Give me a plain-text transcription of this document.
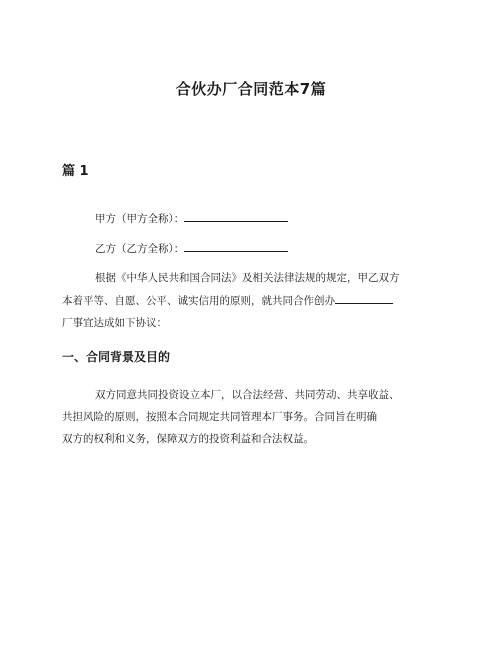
合伙办厂合同范本7篇
篇 1

甲方（甲方全称）：

乙方（乙方全称）：

根据《中华人民共和国合同法》及相关法律法规的规定，甲乙双方

本着平等、自愿、公平、诚实信用的原则，就共同合作创办

厂事宜达成如下协议：

一、合同背景及目的

双方同意共同投资设立本厂，以合法经营、共同劳动、共享收益、

共担风险的原则，按照本合同规定共同管理本厂事务。合同旨在明确

双方的权利和义务，保障双方的投资利益和合法权益。
